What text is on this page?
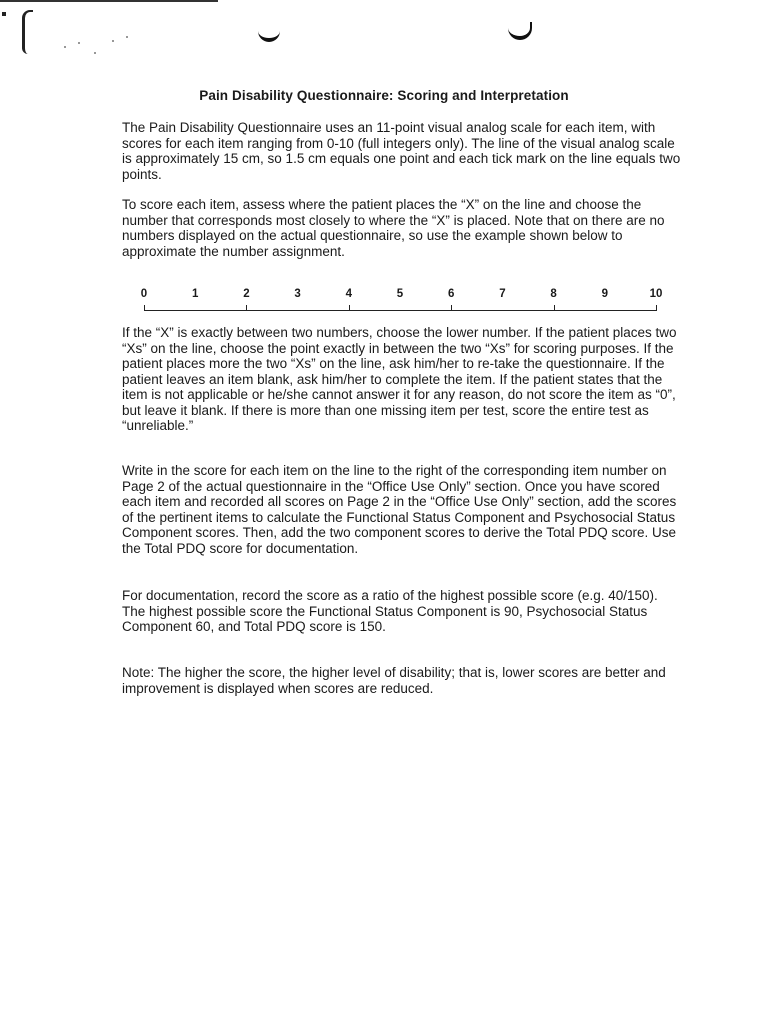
Pain Disability Questionnaire: Scoring and Interpretation

The Pain Disability Questionnaire uses an 11-point visual analog scale for each item, with scores for each item ranging from 0-10 (full integers only). The line of the visual analog scale is approximately 15 cm, so 1.5 cm equals one point and each tick mark on the line equals two points.

To score each item, assess where the patient places the “X” on the line and choose the number that corresponds most closely to where the “X” is placed. Note that on there are no numbers displayed on the actual questionnaire, so use the example shown below to approximate the number assignment.

0	1	2	3	4	5	6	7	8	9	10

If the “X” is exactly between two numbers, choose the lower number. If the patient places two “Xs” on the line, choose the point exactly in between the two “Xs” for scoring purposes. If the patient places more the two “Xs” on the line, ask him/her to re-take the questionnaire. If the patient leaves an item blank, ask him/her to complete the item. If the patient states that the item is not applicable or he/she cannot answer it for any reason, do not score the item as “0”, but leave it blank. If there is more than one missing item per test, score the entire test as “unreliable.”

Write in the score for each item on the line to the right of the corresponding item number on Page 2 of the actual questionnaire in the “Office Use Only” section. Once you have scored each item and recorded all scores on Page 2 in the “Office Use Only” section, add the scores of the pertinent items to calculate the Functional Status Component and Psychosocial Status Component scores. Then, add the two component scores to derive the Total PDQ score. Use the Total PDQ score for documentation.

For documentation, record the score as a ratio of the highest possible score (e.g. 40/150). The highest possible score the Functional Status Component is 90, Psychosocial Status Component 60, and Total PDQ score is 150.

Note: The higher the score, the higher level of disability; that is, lower scores are better and improvement is displayed when scores are reduced.
